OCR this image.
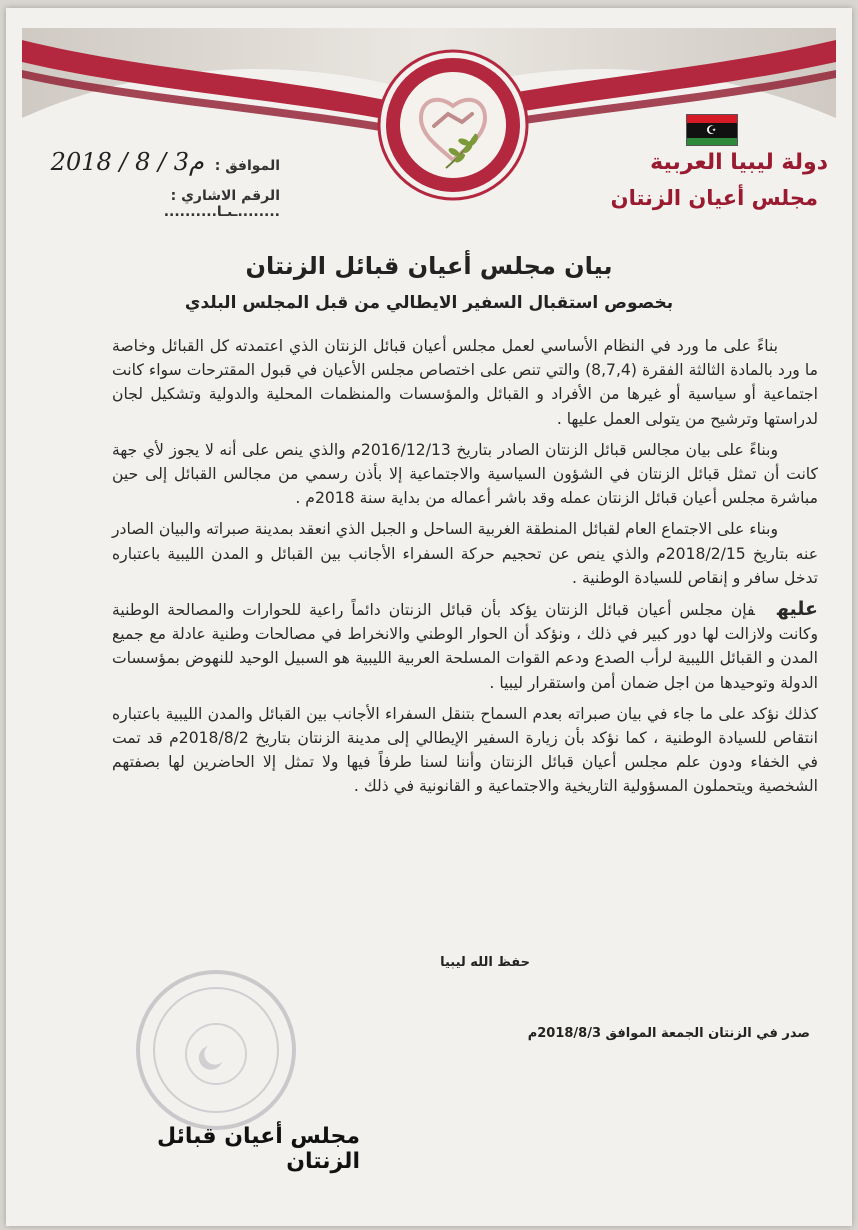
☪
دولة ليبيا العربية
مجلس أعيان الزنتان
الموافق : 2018 / 8 / 3م
الرقم الاشاري : ........ـىـا..........
بيان مجلس أعيان قبائل الزنتان
بخصوص استقبال السفير الايطالي من قبل المجلس البلدي

بناءً على ما ورد في النظام الأساسي لعمل مجلس أعيان قبائل الزنتان الذي اعتمدته كل القبائل وخاصة ما ورد بالمادة الثالثة الفقرة (8,7,4) والتي تنص على اختصاص مجلس الأعيان في قبول المقترحات سواء كانت اجتماعية أو سياسية أو غيرها من الأفراد و القبائل والمؤسسات والمنظمات المحلية والدولية وتشكيل لجان لدراستها وترشيح من يتولى العمل عليها .

وبناءً على بيان مجالس قبائل الزنتان الصادر بتاريخ 2016/12/13م والذي ينص على أنه لا يجوز لأي جهة كانت أن تمثل قبائل الزنتان في الشؤون السياسية والاجتماعية إلا بأذن رسمي من مجالس القبائل إلى حين مباشرة مجلس أعيان قبائل الزنتان عمله وقد باشر أعماله من بداية سنة 2018م .

وبناء على الاجتماع العام لقبائل المنطقة الغربية الساحل و الجبل الذي انعقد بمدينة صبراته والبيان الصادر عنه بتاريخ 2018/2/15م والذي ينص عن تحجيم حركة السفراء الأجانب بين القبائل و المدن الليبية باعتباره تدخل سافر و إنقاص للسيادة الوطنية .

عليهفإن مجلس أعيان قبائل الزنتان يؤكد بأن قبائل الزنتان دائماً راعية للحوارات والمصالحة الوطنية وكانت ولازالت لها دور كبير في ذلك ، ونؤكد أن الحوار الوطني والانخراط في مصالحات وطنية عادلة مع جميع المدن و القبائل الليبية لرأب الصدع ودعم القوات المسلحة العربية الليبية هو السبيل الوحيد للنهوض بمؤسسات الدولة وتوحيدها من اجل ضمان أمن واستقرار ليبيا .

كذلك نؤكد على ما جاء في بيان صبراته بعدم السماح بتنقل السفراء الأجانب بين القبائل والمدن الليبية باعتباره انتقاص للسيادة الوطنية ، كما نؤكد بأن زيارة السفير الإيطالي إلى مدينة الزنتان بتاريخ 2018/8/2م قد تمت في الخفاء ودون علم مجلس أعيان قبائل الزنتان وأننا لسنا طرفاً فيها ولا تمثل إلا الحاضرين لها بصفتهم الشخصية ويتحملون المسؤولية التاريخية والاجتماعية و القانونية في ذلك .

حفظ الله ليبيا
صدر في الزنتان الجمعة الموافق 2018/8/3م
مجلس أعيان قبائل الزنتان
